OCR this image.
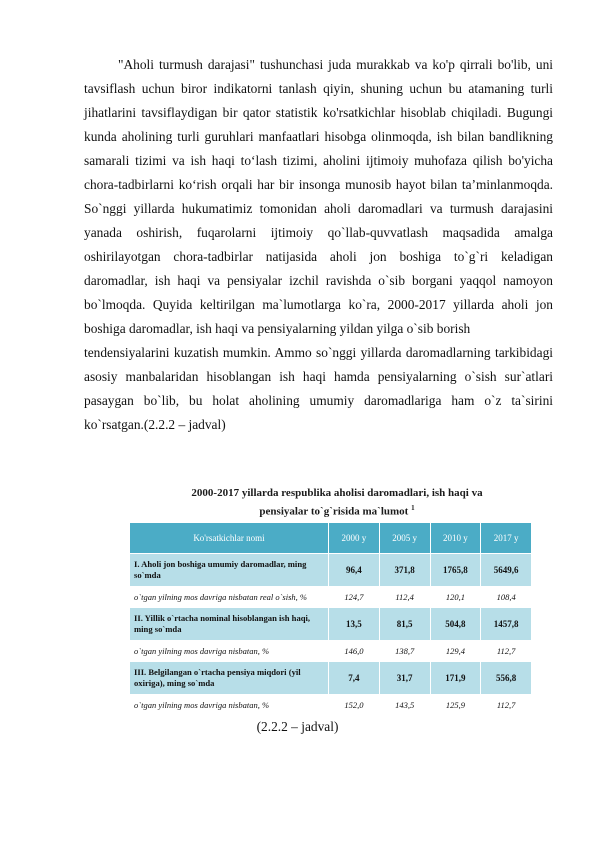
"Aholi turmush darajasi" tushunchasi juda murakkab va ko'p qirrali bo'lib, uni tavsiflash uchun biror indikatorni tanlash qiyin, shuning uchun bu atamaning turli jihatlarini tavsiflaydigan bir qator statistik ko'rsatkichlar hisoblab chiqiladi. Bugungi kunda aholining turli guruhlari manfaatlari hisobga olinmoqda, ish bilan bandlikning samarali tizimi va ish haqi to‘lash tizimi, aholini ijtimoiy muhofaza qilish bo'yicha chora-tadbirlarni ko‘rish orqali har bir insonga munosib hayot bilan ta’minlanmoqda. So`nggi yillarda hukumatimiz tomonidan aholi daromadlari va turmush darajasini yanada oshirish, fuqarolarni ijtimoiy qo`llab-quvvatlash maqsadida amalga oshirilayotgan chora-tadbirlar natijasida aholi jon boshiga to`g`ri keladigan daromadlar, ish haqi va pensiyalar izchil ravishda o`sib borgani yaqqol namoyon bo`lmoqda. Quyida keltirilgan ma`lumotlarga ko`ra, 2000-2017 yillarda aholi jon boshiga daromadlar, ish haqi va pensiyalarning yildan yilga o`sib borish

tendensiyalarini kuzatish mumkin. Ammo so`nggi yillarda daromadlarning tarkibidagi asosiy manbalaridan hisoblangan ish haqi hamda pensiyalarning o`sish sur`atlari pasaygan bo`lib, bu holat aholining umumiy daromadlariga ham o`z ta`sirini ko`rsatgan.(2.2.2 – jadval)

2000-2017 yillarda respublika aholisi daromadlari, ish haqi va
pensiyalar to`g`risida ma`lumot $^1$
Ko'rsatkichlar nomi	2000 y	2005 y	2010 y	2017 y
I. Aholi jon boshiga umumiy daromadlar, ming so`mda	96,4	371,8	1765,8	5649,6
o`tgan yilning mos davriga nisbatan real o`sish, %	124,7	112,4	120,1	108,4
II. Yillik o`rtacha nominal hisoblangan ish haqi, ming so`mda	13,5	81,5	504,8	1457,8
o`tgan yilning mos davriga nisbatan, %	146,0	138,7	129,4	112,7
III. Belgilangan o`rtacha pensiya miqdori (yil oxiriga), ming so`mda	7,4	31,7	171,9	556,8
o`tgan yilning mos davriga nisbatan, %	152,0	143,5	125,9	112,7
(2.2.2 – jadval)
